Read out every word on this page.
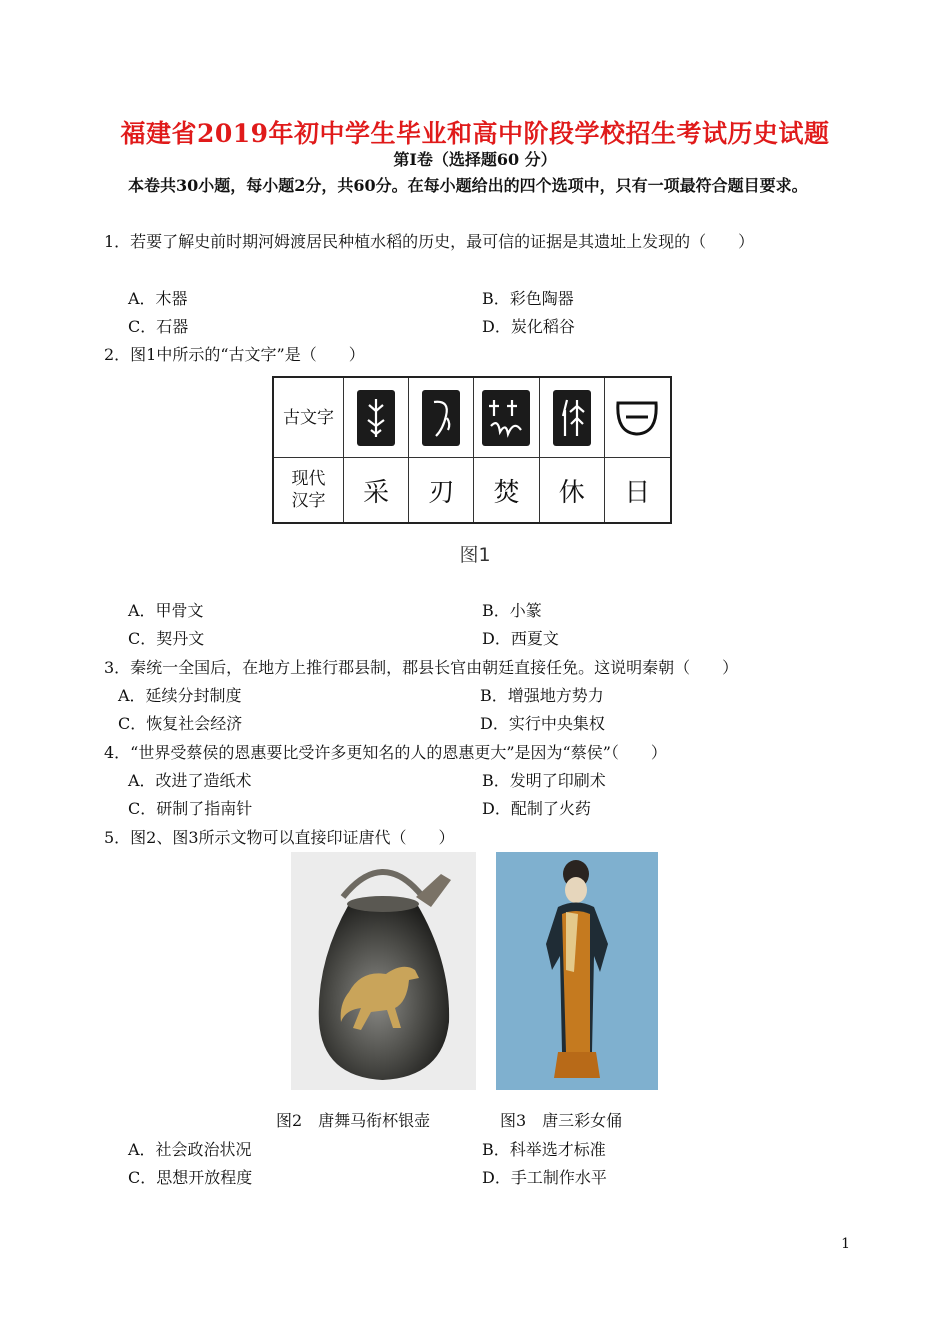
福建省2019年初中学生毕业和高中阶段学校招生考试历史试题
第Ⅰ卷（选择题60 分）
本卷共30小题，每小题2分，共60分。在每小题给出的四个选项中，只有一项最符合题目要求。
1．若要了解史前时期河姆渡居民种植水稻的历史，最可信的证据是其遗址上发现的（　　）
A．木器	B．彩色陶器
C．石器	D．炭化稻谷
2．图1中所示的“古文字”是（　　）
古文字
现代
汉字	采	刃	焚	休	日
图1
A．甲骨文	B．小篆
C．契丹文	D．西夏文
3．秦统一全国后，在地方上推行郡县制，郡县长官由朝廷直接任免。这说明秦朝（　　）
A．延续分封制度	B．增强地方势力
C．恢复社会经济	D．实行中央集权
4．“世界受蔡侯的恩惠要比受许多更知名的人的恩惠更大”是因为“蔡侯”（　　）
A．改进了造纸术	B．发明了印刷术
C．研制了指南针	D．配制了火药
5．图2、图3所示文物可以直接印证唐代（　　）
图2　唐舞马衔杯银壶	图3　唐三彩女俑
A．社会政治状况	B．科举选才标准
C．思想开放程度	D．手工制作水平
1
